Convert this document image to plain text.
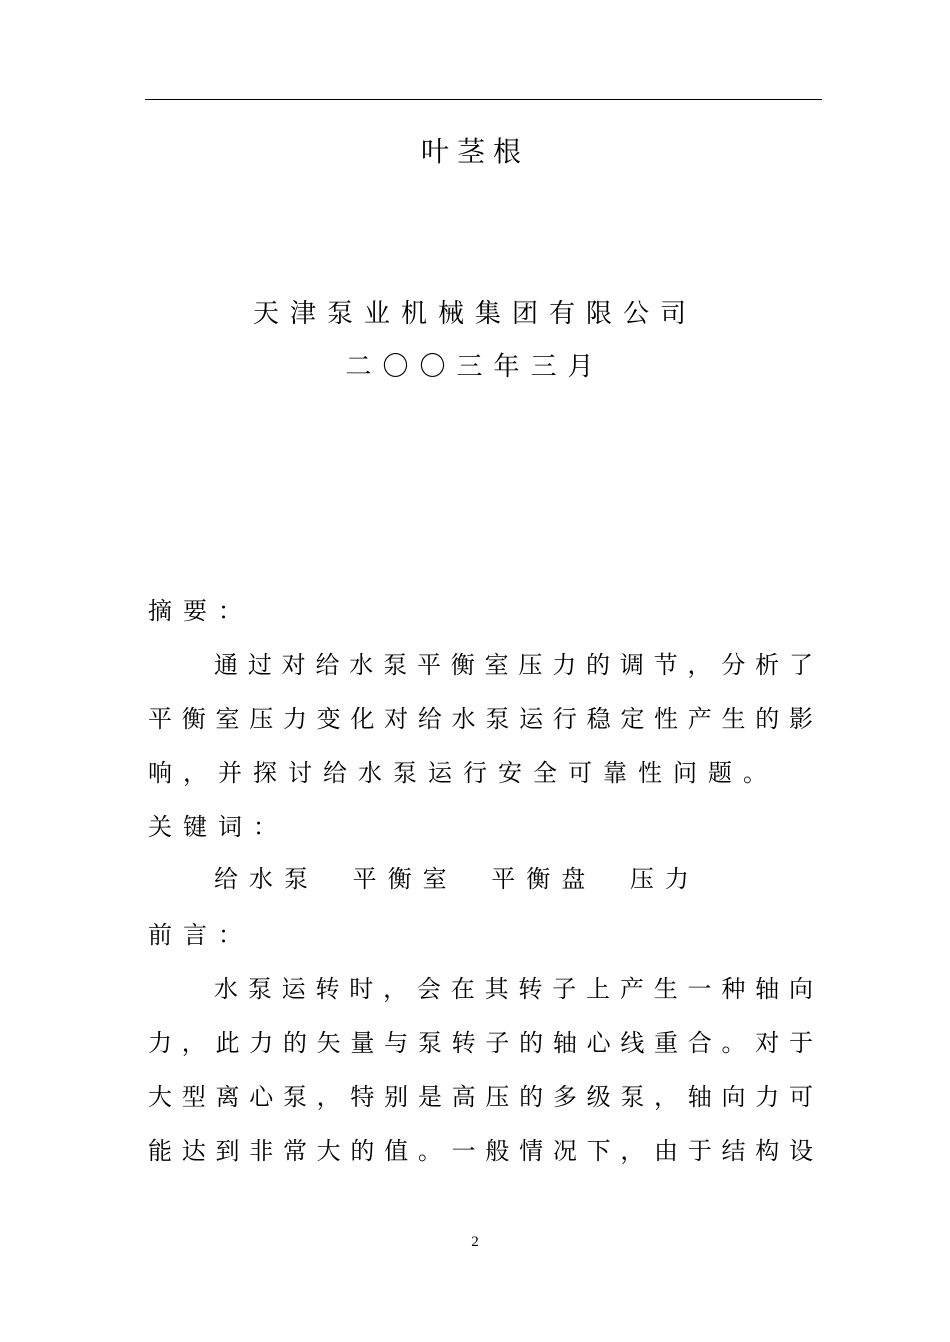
叶茎根
天津泵业机械集团有限公司
二〇〇三年三月
摘要：
通过对给水泵平衡室压力的调节，分析了
平衡室压力变化对给水泵运行稳定性产生的影
响，并探讨给水泵运行安全可靠性问题。
关键词：
给水泵 平衡室 平衡盘 压力
前言：
水泵运转时，会在其转子上产生一种轴向
力，此力的矢量与泵转子的轴心线重合。对于
大型离心泵，特别是高压的多级泵，轴向力可
能达到非常大的值。一般情况下，由于结构设
2
